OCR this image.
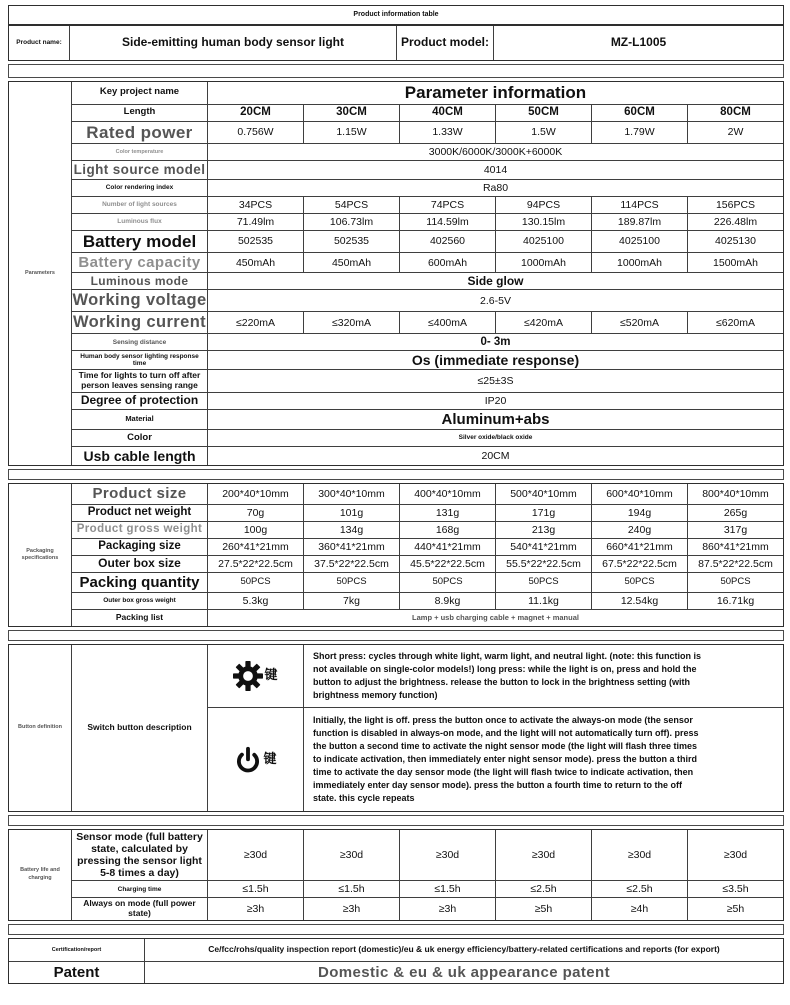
Product information table
Product name:	Side-emitting human body sensor light	Product model:	MZ-L1005
Parameters
Key project name	Parameter information
Length	20CM	30CM	40CM	50CM	60CM	80CM
Rated power	0.756W	1.15W	1.33W	1.5W	1.79W	2W
Color temperature	3000K/6000K/3000K+6000K
Light source model	4014
Color rendering index	Ra80
Number of light sources	34PCS	54PCS	74PCS	94PCS	114PCS	156PCS
Luminous flux	71.49lm	106.73lm	114.59lm	130.15lm	189.87lm	226.48lm
Battery model	502535	502535	402560	4025100	4025100	4025130
Battery capacity	450mAh	450mAh	600mAh	1000mAh	1000mAh	1500mAh
Luminous mode	Side glow
Working voltage	2.6-5V
Working current	≤220mA	≤320mA	≤400mA	≤420mA	≤520mA	≤620mA
Sensing distance	0- 3m
Human body sensor lighting response time	Os (immediate response)
Time for lights to turn off after person leaves sensing range	≤25±3S
Degree of protection	IP20
Material	Aluminum+abs
Color	Silver oxide/black oxide
Usb cable length	20CM
Packaging specifications
Product size	200*40*10mm	300*40*10mm	400*40*10mm	500*40*10mm	600*40*10mm	800*40*10mm
Product net weight	70g	101g	131g	171g	194g	265g
Product gross weight	100g	134g	168g	213g	240g	317g
Packaging size	260*41*21mm	360*41*21mm	440*41*21mm	540*41*21mm	660*41*21mm	860*41*21mm
Outer box size	27.5*22*22.5cm	37.5*22*22.5cm	45.5*22*22.5cm	55.5*22*22.5cm	67.5*22*22.5cm	87.5*22*22.5cm
Packing quantity	50PCS	50PCS	50PCS	50PCS	50PCS	50PCS
Outer box gross weight	5.3kg	7kg	8.9kg	11.1kg	12.54kg	16.71kg
Packing list	Lamp + usb charging cable + magnet + manual
Button definition	Switch button description
键
Short press: cycles through white light, warm light, and neutral light. (note: this function is not available on single-color models!) long press: while the light is on, press and hold the button to adjust the brightness. release the button to lock in the brightness setting (with brightness memory function)
键
Initially, the light is off. press the button once to activate the always-on mode (the sensor function is disabled in always-on mode, and the light will not automatically turn off). press the button a second time to activate the night sensor mode (the light will flash three times to indicate activation, then immediately enter night sensor mode). press the button a third time to activate the day sensor mode (the light will flash twice to indicate activation, then immediately enter day sensor mode). press the button a fourth time to return to the off state. this cycle repeats
Battery life and charging
Sensor mode (full battery state, calculated by pressing the sensor light 5-8 times a day)
≥30d	≥30d	≥30d	≥30d	≥30d	≥30d
Charging time	≤1.5h	≤1.5h	≤1.5h	≤2.5h	≤2.5h	≤3.5h
Always on mode (full power state)	≥3h	≥3h	≥3h	≥5h	≥4h	≥5h
Certification/report	Ce/fcc/rohs/quality inspection report (domestic)/eu & uk energy efficiency/battery-related certifications and reports (for export)
Patent	Domestic & eu & uk appearance patent
